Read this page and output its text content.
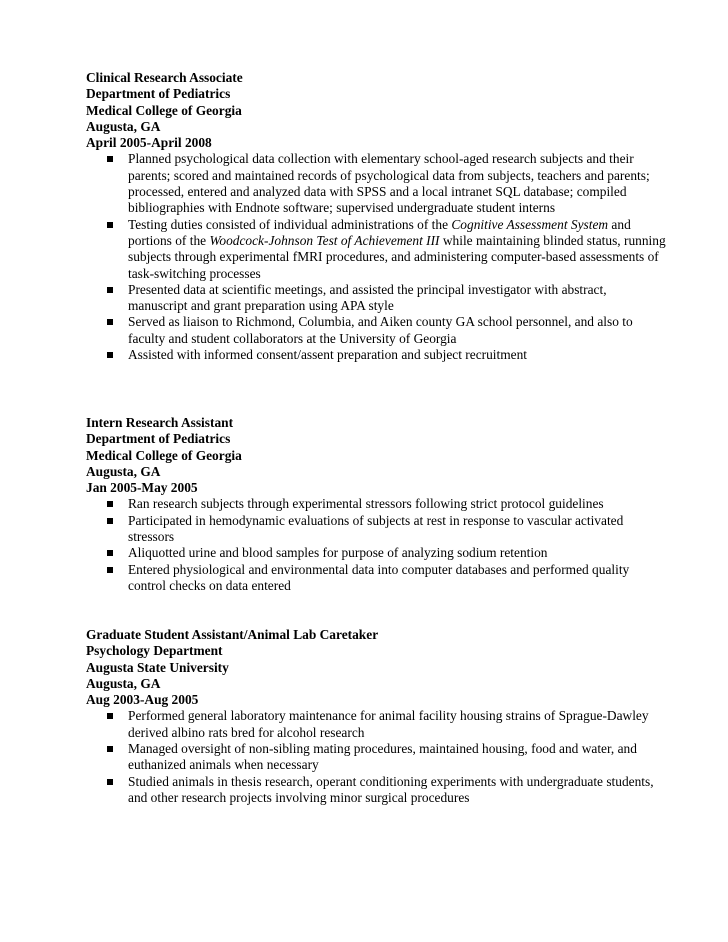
Clinical Research Associate
Department of Pediatrics
Medical College of Georgia
Augusta, GA
April 2005-April 2008
Planned psychological data collection with elementary school-aged research subjects and their parents; scored and maintained records of psychological data from subjects, teachers and parents; processed, entered and analyzed data with SPSS and a local intranet SQL database; compiled bibliographies with Endnote software; supervised undergraduate student interns
Testing duties consisted of individual administrations of the Cognitive Assessment System and portions of the Woodcock-Johnson Test of Achievement III while maintaining blinded status, running subjects through experimental fMRI procedures, and administering computer-based assessments of task-switching processes
Presented data at scientific meetings, and assisted the principal investigator with abstract, manuscript and grant preparation using APA style
Served as liaison to Richmond, Columbia, and Aiken county GA school personnel, and also to faculty and student collaborators at the University of Georgia
Assisted with informed consent/assent preparation and subject recruitment
Intern Research Assistant
Department of Pediatrics
Medical College of Georgia
Augusta, GA
Jan 2005-May 2005
Ran research subjects through experimental stressors following strict protocol guidelines
Participated in hemodynamic evaluations of subjects at rest in response to vascular activated stressors
Aliquotted urine and blood samples for purpose of analyzing sodium retention
Entered physiological and environmental data into computer databases and performed quality control checks on data entered
Graduate Student Assistant/Animal Lab Caretaker
Psychology Department
Augusta State University
Augusta, GA
Aug 2003-Aug 2005
Performed general laboratory maintenance for animal facility housing strains of Sprague-Dawley derived albino rats bred for alcohol research
Managed oversight of non-sibling mating procedures, maintained housing, food and water, and euthanized animals when necessary
Studied animals in thesis research, operant conditioning experiments with undergraduate students, and other research projects involving minor surgical procedures
